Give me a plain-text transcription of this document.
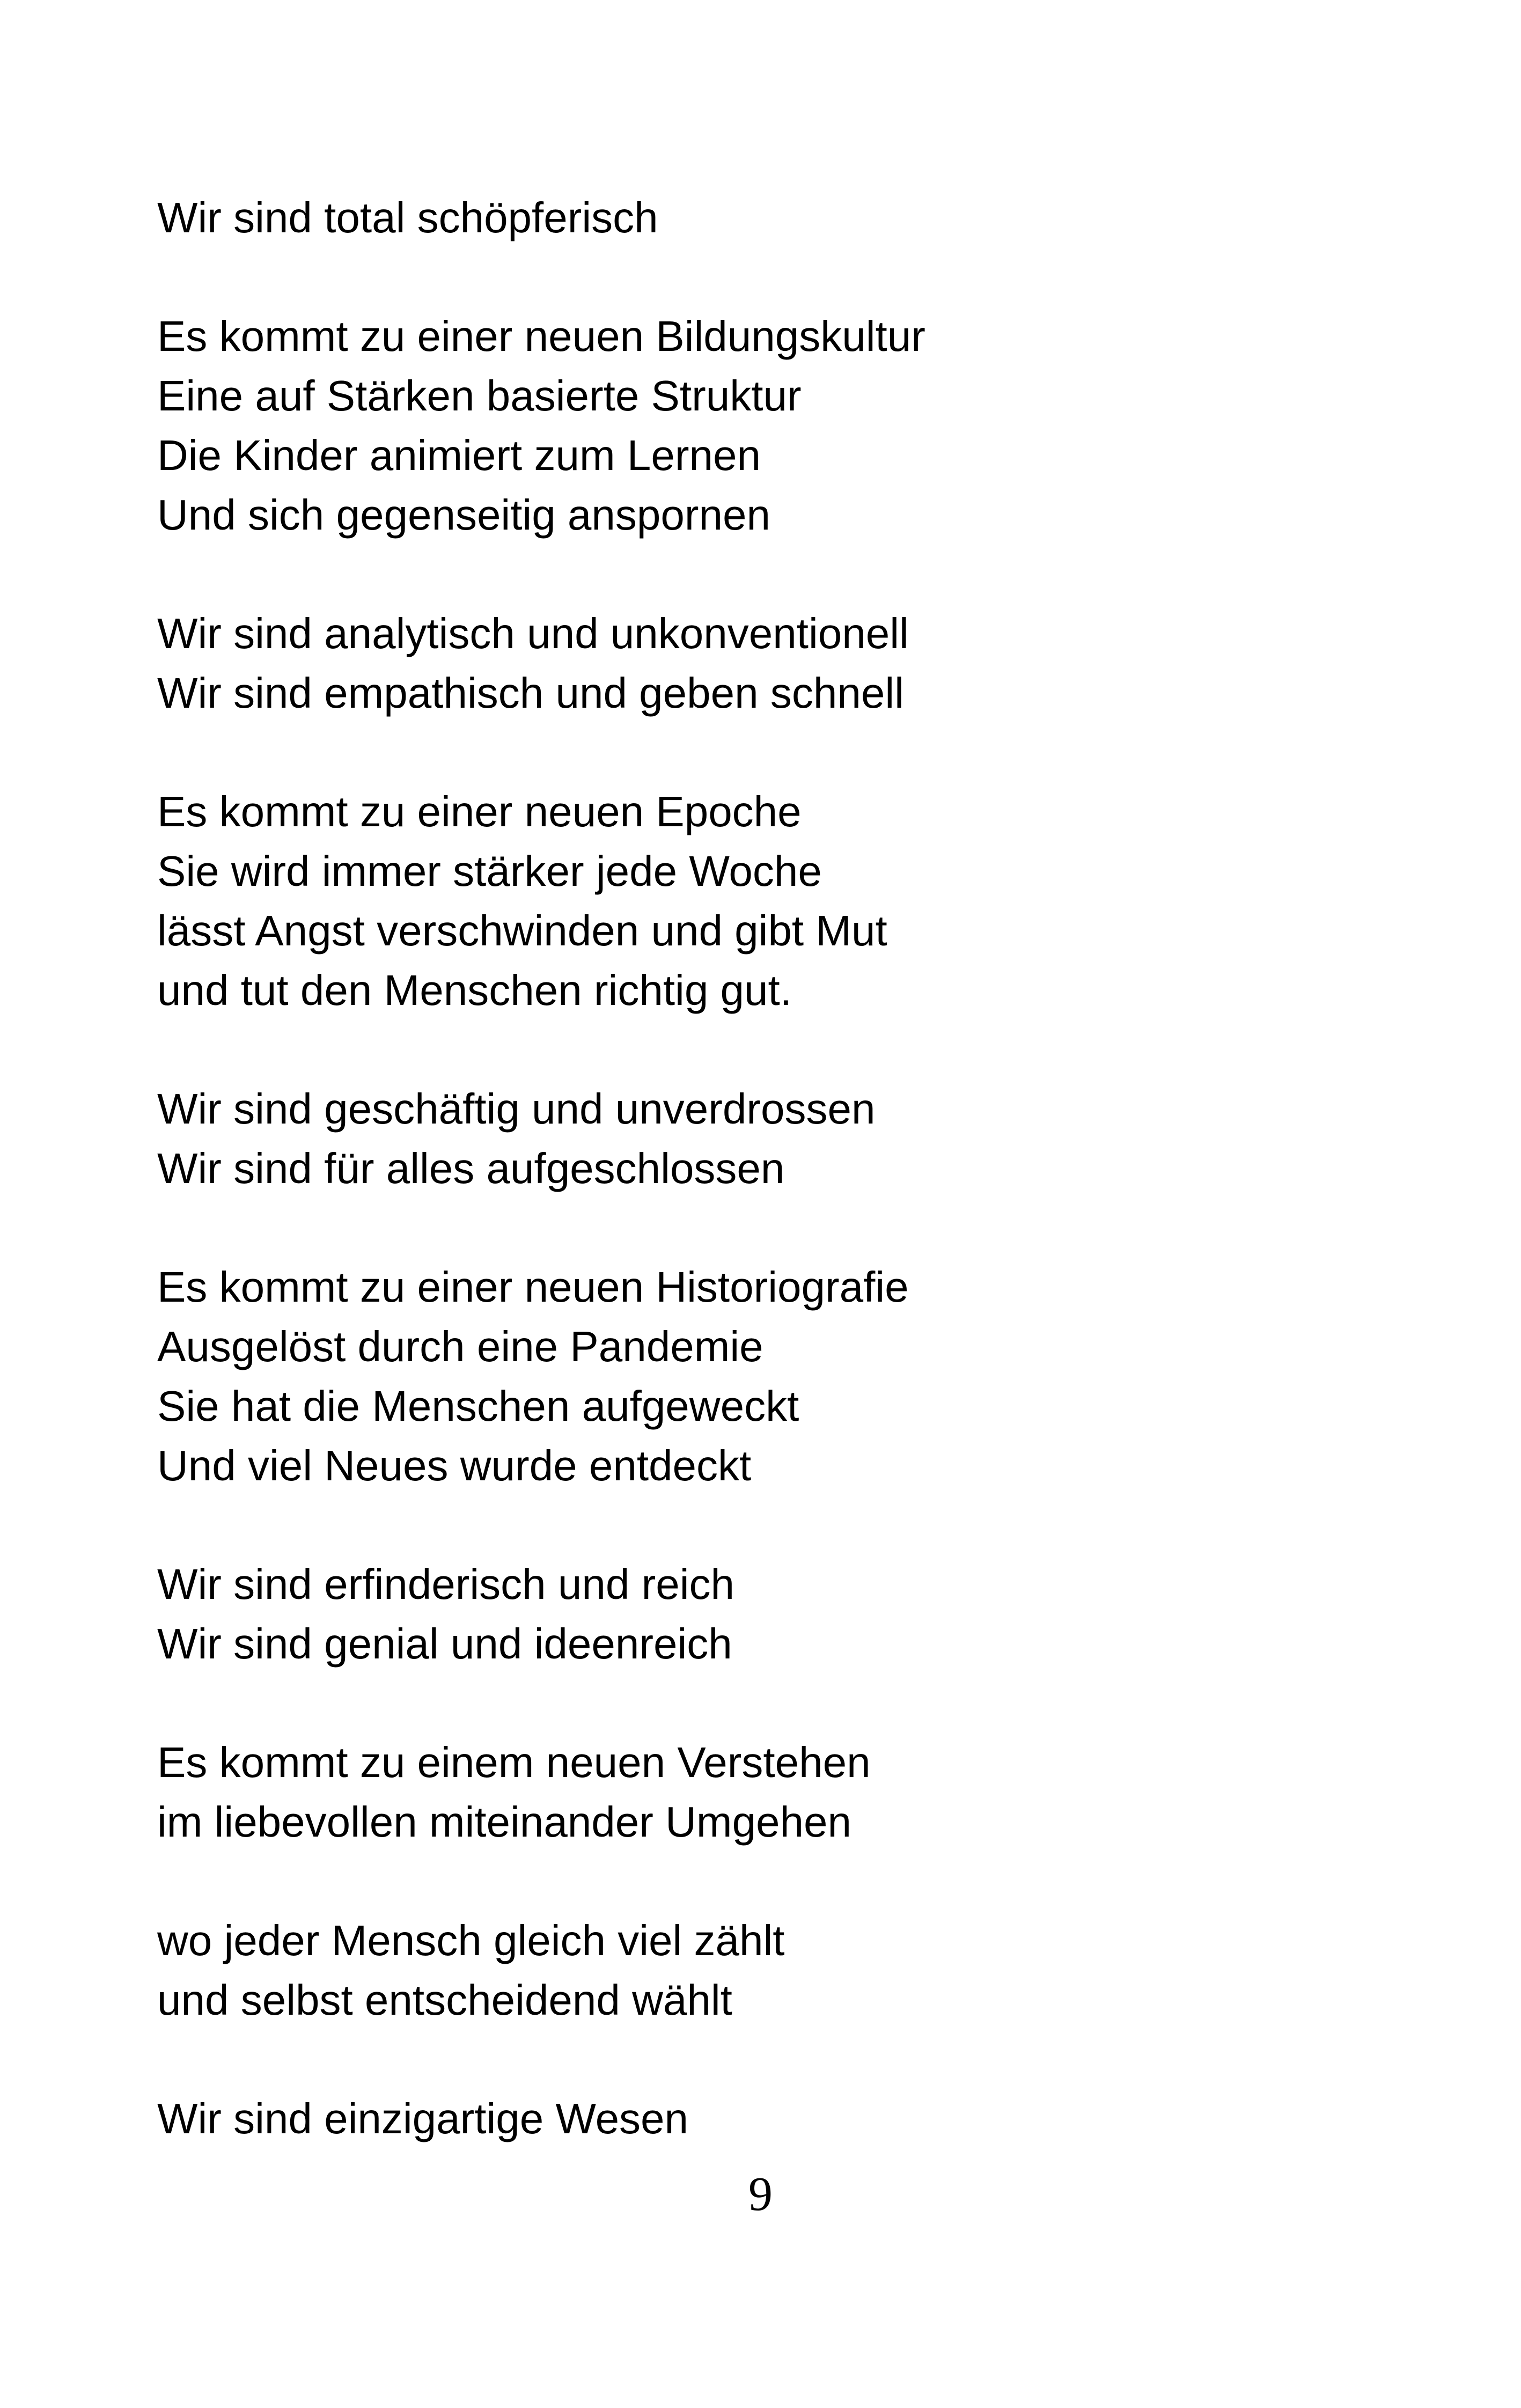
Wir sind total schöpferisch
Es kommt zu einer neuen Bildungskultur
Eine auf Stärken basierte Struktur
Die Kinder animiert zum Lernen
Und sich gegenseitig anspornen
Wir sind analytisch und unkonventionell
Wir sind empathisch und geben schnell
Es kommt zu einer neuen Epoche
Sie wird immer stärker jede Woche
lässt Angst verschwinden und gibt Mut
und tut den Menschen richtig gut.
Wir sind geschäftig und unverdrossen
Wir sind für alles aufgeschlossen
Es kommt zu einer neuen Historiografie
Ausgelöst durch eine Pandemie
Sie hat die Menschen aufgeweckt
Und viel Neues wurde entdeckt
Wir sind erfinderisch und reich
Wir sind genial und ideenreich
Es kommt zu einem neuen Verstehen
im liebevollen miteinander Umgehen
wo jeder Mensch gleich viel zählt
und selbst entscheidend wählt
Wir sind einzigartige Wesen
9
